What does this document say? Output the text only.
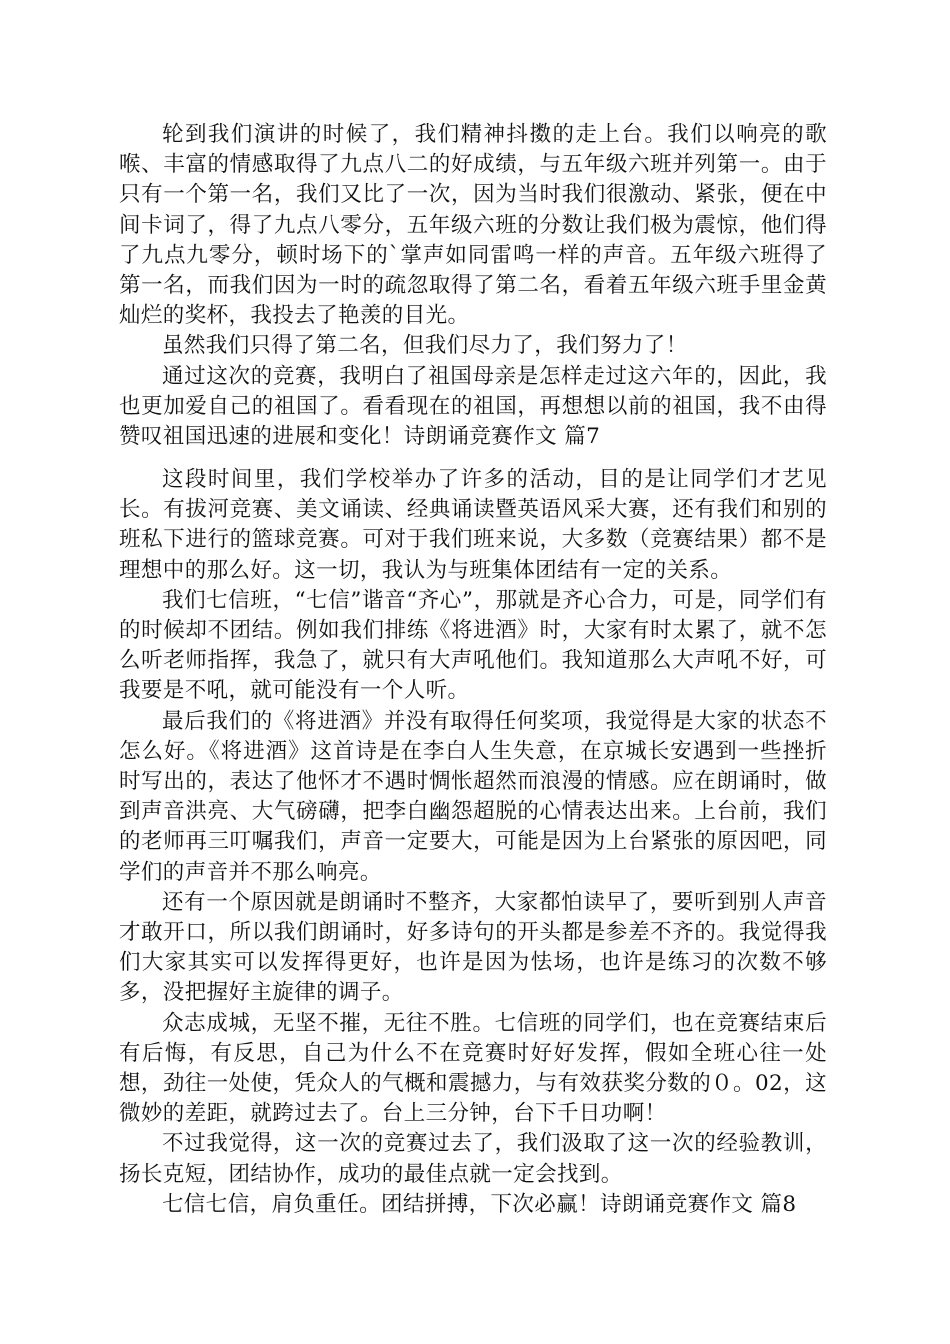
轮到我们演讲的时候了，我们精神抖擞的走上台。我们以响亮的歌喉、丰富的情感取得了九点八二的好成绩，与五年级六班并列第一。由于只有一个第一名，我们又比了一次，因为当时我们很激动、紧张，便在中间卡词了，得了九点八零分，五年级六班的分数让我们极为震惊，他们得了九点九零分，顿时场下的`掌声如同雷鸣一样的声音。五年级六班得了第一名，而我们因为一时的疏忽取得了第二名，看着五年级六班手里金黄灿烂的奖杯，我投去了艳羡的目光。

虽然我们只得了第二名，但我们尽力了，我们努力了！

通过这次的竞赛，我明白了祖国母亲是怎样走过这六年的，因此，我也更加爱自己的祖国了。看看现在的祖国，再想想以前的祖国，我不由得赞叹祖国迅速的进展和变化！诗朗诵竞赛作文 篇7

这段时间里，我们学校举办了许多的活动，目的是让同学们才艺见长。有拔河竞赛、美文诵读、经典诵读暨英语风采大赛，还有我们和别的班私下进行的篮球竞赛。可对于我们班来说，大多数（竞赛结果）都不是理想中的那么好。这一切，我认为与班集体团结有一定的关系。

我们七信班，“七信”谐音“齐心”，那就是齐心合力，可是，同学们有的时候却不团结。例如我们排练《将进酒》时，大家有时太累了，就不怎么听老师指挥，我急了，就只有大声吼他们。我知道那么大声吼不好，可我要是不吼，就可能没有一个人听。

最后我们的《将进酒》并没有取得任何奖项，我觉得是大家的状态不怎么好。《将进酒》这首诗是在李白人生失意，在京城长安遇到一些挫折时写出的，表达了他怀才不遇时惆怅超然而浪漫的情感。应在朗诵时，做到声音洪亮、大气磅礴，把李白幽怨超脱的心情表达出来。上台前，我们的老师再三叮嘱我们，声音一定要大，可能是因为上台紧张的原因吧，同学们的声音并不那么响亮。

还有一个原因就是朗诵时不整齐，大家都怕读早了，要听到别人声音才敢开口，所以我们朗诵时，好多诗句的开头都是参差不齐的。我觉得我们大家其实可以发挥得更好，也许是因为怯场，也许是练习的次数不够多，没把握好主旋律的调子。

众志成城，无坚不摧，无往不胜。七信班的同学们，也在竞赛结束后有后悔，有反思，自己为什么不在竞赛时好好发挥，假如全班心往一处想，劲往一处使，凭众人的气概和震撼力，与有效获奖分数的０。02，这微妙的差距，就跨过去了。台上三分钟，台下千日功啊！

不过我觉得，这一次的竞赛过去了，我们汲取了这一次的经验教训，扬长克短，团结协作，成功的最佳点就一定会找到。

七信七信，肩负重任。团结拼搏，下次必赢！诗朗诵竞赛作文 篇8
